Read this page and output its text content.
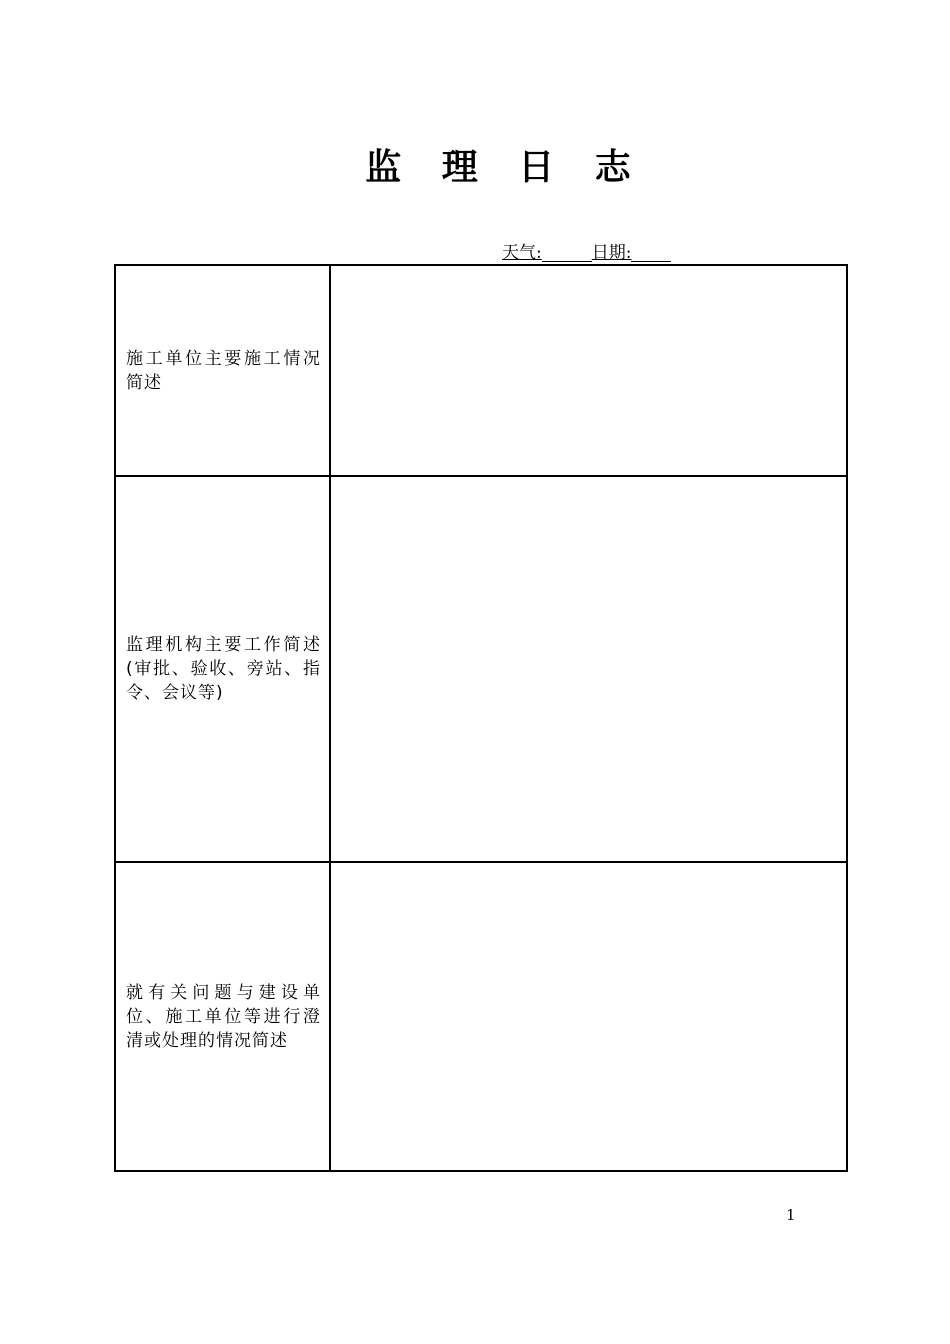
监 理 日 志
天气:	日期:
施工单位主要施工情况简述	
监理机构主要工作简述(审批、验收、旁站、指令、会议等)	
就有关问题与建设单位、施工单位等进行澄清或处理的情况简述	
1
